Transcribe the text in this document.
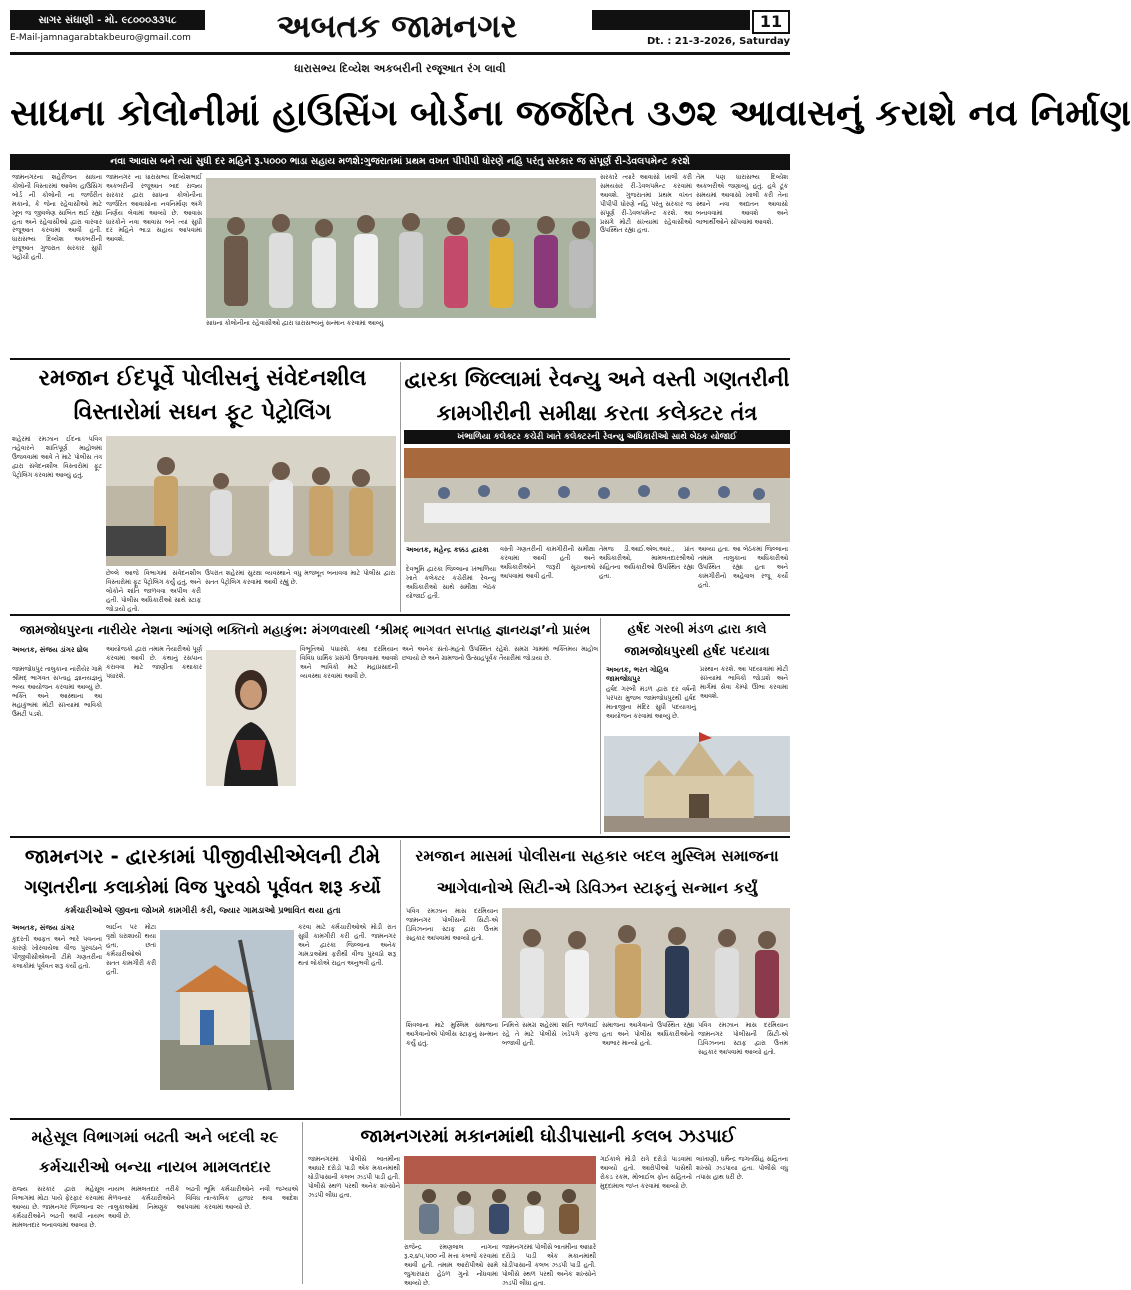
સાગર સંઘાણી - મો. ૯૮૦૦૦૩૩૫૮
E-Mail-jamnagarabtakbeuro@gmail.com	અબતક જામનગર	11
Dt. : 21-3-2026, Saturday
ધારાસભ્ય દિવ્યેશ અકબરીની રજૂઆત રંગ લાવી
સાધના કોલોનીમાં હાઉસિંગ બોર્ડના જર્જરિત ૩૭૨ આવાસનું કરાશે નવ નિર્માણ
નવા આવાસ બને ત્યાં સુધી દર મહિને રૂ.૫૦૦૦ ભાડા સહાય મળશે:ગુજરાતમાં પ્રથમ વખત પીપીપી ધોરણે નહિ પરંતુ સરકાર જ સંપૂર્ણ રી-ડેવલપમેન્ટ કરશે
જામનગરના શહેરીજન સાધના કોલોની વિસ્તારમાં આવેલ હાઉસિંગ બોર્ડ ની કોલોની ના જર્જરીત મકાનો, કે જેના રહેવાસીઓ માટે ખૂબ જ જીવલેણ સાબિત થઈ રહ્યા હતા અને રહેવાસીઓ દ્વારા વારંવાર રજૂઆત કરવામાં આવી હતી. ધારાસભ્ય દિવ્યેશ અકબરીની રજૂઆત ગુજરાત સરકાર સુધી પહોંચી હતી.
જામનગર ના ધારાસભ્ય દિવ્યેશભાઈ અકબરીની રજૂઆત બાદ રાજ્ય સરકાર દ્વારા સાધના કોલોનીના જર્જરિત આવાસોના નવનિર્માણ અંગે નિર્ણય લેવામાં આવ્યો છે. આવાસ ધારકોને નવા આવાસ બને ત્યાં સુધી દર મહિને ભાડા સહાય આપવામાં આવશે.
સાધના કોલોનીના રહેવાસીઓ દ્વારા ધારાસભ્યનું સન્માન કરવામાં આવ્યું
સરકારે ત્યારે આવાસો ખાલી કરી સમયસર રી-ડેવલપમેન્ટ કરવામાં આવશે. ગુજરાતમાં પ્રથમ વખત પીપીપી ધોરણે નહિ પરંતુ સરકાર જ સંપૂર્ણ રી-ડેવલપમેન્ટ કરશે. આ પ્રસંગે મોટી સંખ્યામાં રહેવાસીઓ ઉપસ્થિત રહ્યા હતા.
તેમ પણ ધારાસભ્ય દિવ્યેશ અકબરીએ જણાવ્યું હતું. હવે ટૂંક સમયમાં આવાસો ખાલી કરી તેના સ્થાને નવા અદ્યતન આવાસો બનાવવામાં આવશે અને લાભાર્થીઓને સોંપવામાં આવશે.
રમજાન ઈદપૂર્વે પોલીસનું સંવેદનશીલ
વિસ્તારોમાં સઘન ફૂટ પેટ્રોલિંગ
શહેરમાં રમઝાન ઈદના પવિત્ર તહેવારને શાંતિપૂર્ણ માહોલમાં ઉજવવામાં આવે તે માટે પોલીસ તંત્ર દ્વારા સંવેદનશીલ વિસ્તારોમાં ફૂટ પેટ્રોલિંગ કરવામાં આવ્યું હતું.
છેલ્લે આજે વિભાગમાં સંવેદનશીલ વિસ્તારોમાં ફૂટ પેટ્રોલિંગ કર્યું હતું, અને લોકોને શાંતિ જાળવવા અપીલ કરી હતી. પોલીસ અધિકારીઓ સાથે સ્ટાફ જોડાયો હતો.
ઉપરાંત શહેરમાં સુરક્ષા વ્યવસ્થાને વધુ મજબૂત બનાવવા માટે પોલીસ દ્વારા સતત પેટ્રોલિંગ કરવામાં આવી રહ્યું છે.
દ્વારકા જિલ્લામાં રેવન્યુ અને વસ્તી ગણતરીની
કામગીરીની સમીક્ષા કરતા કલેક્ટર તંત્ર
ખંભાળિયા કલેક્ટર કચેરી ખાતે કલેક્ટરની રેવન્યુ અધિકારીઓ સાથે બેઠક યોજાઈ
અબતક, મહેન્દ્ર કક્કડ દ્વારકા
દેવભૂમિ દ્વારકા જિલ્લાના ખંભાળિયા ખાતે કલેક્ટર કચેરીમાં રેવન્યુ અધિકારીઓ સાથે સમીક્ષા બેઠક યોજાઈ હતી.
વસ્તી ગણતરીની કામગીરીની સમીક્ષા કરવામાં આવી હતી અને અધિકારીઓને જરૂરી સૂચનાઓ આપવામાં આવી હતી.
તેમજ ડી.આઈ.એલ.આર., પ્રાંત અધિકારીઓ, મામલતદારશ્રીઓ સહિતના અધિકારીઓ ઉપસ્થિત રહ્યા હતા.
આવ્યા હતા. આ બેઠકમાં જિલ્લાના તમામ તાલુકાના અધિકારીઓ ઉપસ્થિત રહ્યા હતા અને કામગીરીનો અહેવાલ રજૂ કર્યો હતો.
જામજોધપુરના નારીયેર નેશના આંગણે ભક્તિનો મહાકુંભ: મંગળવારથી ‘શ્રીમદ્ ભાગવત સપ્તાહ જ્ઞાનયજ્ઞ’નો પ્રારંભ
અબતક, સંજય ડાંગર ધ્રોલ
જામજોધપુર તાલુકાના નારીયેર ગામે શ્રીમદ્ ભાગવત સપ્તાહ જ્ઞાનયજ્ઞનું ભવ્ય આયોજન કરવામાં આવ્યું છે. ભક્તિ અને આસ્થાના આ મહાકુંભમાં મોટી સંખ્યામાં ભાવિકો ઉમટી પડશે.
આયોજકો દ્વારા તમામ તૈયારીઓ પૂર્ણ કરવામાં આવી છે. કથાનું રસપાન કરાવવા માટે જાણીતા કથાકાર પધારશે.
વિભૂતિઓ પધારશે. કથા દરમિયાન વિવિધ ધાર્મિક પ્રસંગો ઉજવવામાં આવશે અને ભાવિકો માટે મહાપ્રસાદની વ્યવસ્થા કરવામાં આવી છે.
અને અનેક સંતો-મહંતો ઉપસ્થિત રહેશે. સમગ્ર ગામમાં ભક્તિમય માહોલ છવાયો છે અને ગ્રામજનો ઉત્સાહપૂર્વક તૈયારીમાં જોડાયા છે.
હર્ષદ ગરબી મંડળ દ્વારા કાલે
જામજોધપુરથી હર્ષદ પદયાત્રા
અબતક, ભરત ગોહિલ જામજોધપુર
હર્ષદ ગરબી મંડળ દ્વારા દર વર્ષની પરંપરા મુજબ જામજોધપુરથી હર્ષદ માતાજીના મંદિર સુધી પદયાત્રાનું આયોજન કરવામાં આવ્યું છે.
પ્રસ્થાન કરશે. આ પદયાત્રામાં મોટી સંખ્યામાં ભાવિકો જોડાશે અને માર્ગમાં સેવા કેમ્પો ઊભા કરવામાં આવશે.
જામનગર - દ્વારકામાં પીજીવીસીએલની ટીમે
ગણતરીના કલાકોમાં વિજ પુરવઠો પૂર્વવત શરૂ કર્યો
કર્મચારીઓએ જીવના જોખમે કામગીરી કરી, જ્યાર ગામડાઓ પ્રભાવિત થયા હતા
અબતક, સંજય ડાંગર
કુદરતી આફત અને ભારે પવનના કારણે ખોરવાયેલા વીજ પુરવઠાને પીજીવીસીએલની ટીમે ગણતરીના કલાકોમાં પૂર્વવત શરૂ કર્યો હતો.
લાઈન પર મોટા વૃક્ષો ધરાશાયી થયા હતા, છતાં કર્મચારીઓએ સતત કામગીરી કરી હતી.
કરવા માટે કર્મચારીઓએ મોડી રાત સુધી કામગીરી કરી હતી. જામનગર અને દ્વારકા જિલ્લાના અનેક ગામડાઓમાં ફરીથી વીજ પુરવઠો શરૂ થતાં લોકોએ રાહત અનુભવી હતી.
રમજાન માસમાં પોલીસના સહકાર બદલ મુસ્લિમ સમાજના
આગેવાનોએ સિટી-એ ડિવિઝન સ્ટાફનું સન્માન કર્યું
પવિત્ર રમઝાન માસ દરમિયાન જામનગર પોલીસની સિટી-એ ડિવિઝનના સ્ટાફ દ્વારા ઉત્તમ સહકાર આપવામાં આવ્યો હતો.
શિવલાના માટે મુસ્લિમ સમાજના આગેવાનોએ પોલીસ સ્ટાફનું સન્માન કર્યું હતું.
નિમિત્તે સમગ્ર શહેરમાં શાંતિ જળવાઈ રહે તે માટે પોલીસે ખડેપગે ફરજ બજાવી હતી.
સમાજના આગેવાનો ઉપસ્થિત રહ્યા હતા અને પોલીસ અધિકારીઓનો આભાર માન્યો હતો.
પવિત્ર રમઝાન માસ દરમિયાન જામનગર પોલીસની સિટી-એ ડિવિઝનના સ્ટાફ દ્વારા ઉત્તમ સહકાર આપવામાં આવ્યો હતો.
મહેસૂલ વિભાગમાં બઢતી અને બદલી ૨૯
કર્મચારીઓ બન્યા નાયબ મામલતદાર
રાજ્ય સરકાર દ્વારા મહેસૂલ વિભાગમાં મોટા પાયે ફેરફાર કરવામાં આવ્યા છે. જામનગર જિલ્લાના ૨૯ કર્મચારીઓને બઢતી આપી નાયબ મામલતદાર બનાવવામાં આવ્યા છે.
નાયબ મામલતદાર તરીકે બઢતી મેળવનાર કર્મચારીઓને વિવિધ તાલુકાઓમાં નિમણૂક આપવામાં આવી છે.
ભૂમિ કર્મચારીઓને નવી જગ્યાએ તાત્કાલિક હાજર થવા આદેશ કરવામાં આવ્યો છે.
જામનગરમાં મકાનમાંથી ઘોડીપાસાની કલબ ઝડપાઈ
જામનગરમાં પોલીસે બાતમીના આધારે દરોડો પાડી એક મકાનમાંથી ઘોડીપાસાની કલબ ઝડપી પાડી હતી. પોલીસે સ્થળ પરથી અનેક શખ્સોને ઝડપી લીધા હતા.
રાજેન્દ્ર રમણલાલ નાગના રૂ.૨,૪૫,૫૦૦ ની મત્તા કબજે કરવામાં આવી હતી. તમામ આરોપીઓ સામે જુગારધારા હેઠળ ગુનો નોંધવામાં આવ્યો છે.
જામનગરમાં પોલીસે બાતમીના આધારે દરોડો પાડી એક મકાનમાંથી ઘોડીપાસાની કલબ ઝડપી પાડી હતી. પોલીસે સ્થળ પરથી અનેક શખ્સોને ઝડપી લીધા હતા.
ગઈકાલે મોડી રાત્રે દરોડો પાડવામાં આવ્યો હતો. આરોપીઓ પાસેથી રોકડ રકમ, મોબાઈલ ફોન સહિતનો મુદ્દામાલ જપ્ત કરવામાં આવ્યો છે.
લાખાણી, ધર્મેન્દ્ર જગતસિંહ સહિતના શખ્સો ઝડપાયા હતા. પોલીસે વધુ તપાસ હાથ ધરી છે.
